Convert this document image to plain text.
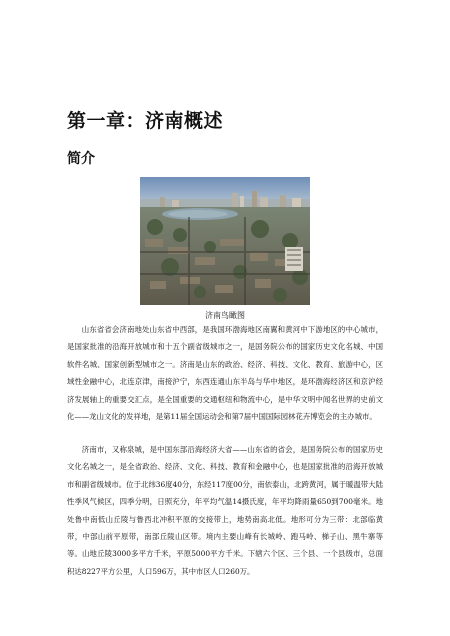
第一章：济南概述
简介

济南鸟瞰图

山东省省会济南地处山东省中西部，是我国环渤海地区南翼和黄河中下游地区的中心城市，是国家批准的沿海开放城市和十五个副省级城市之一，是国务院公布的国家历史文化名城、中国软件名城、国家创新型城市之一。济南是山东的政治、经济、科技、文化、教育、旅游中心，区域性金融中心，北连京津，南接沪宁，东西连通山东半岛与华中地区，是环渤海经济区和京沪经济发展轴上的重要交汇点，是全国重要的交通枢纽和物流中心，是中华文明中闻名世界的史前文化——龙山文化的发祥地，是第11届全国运动会和第7届中国国际园林花卉博览会的主办城市。

济南市，又称泉城，是中国东部沿海经济大省——山东省的省会，是国务院公布的国家历史文化名城之一，是全省政治、经济、文化、科技、教育和金融中心，也是国家批准的沿海开放城市和副省级城市。位于北纬36度40分，东经117度00分，南依泰山，北跨黄河，属于暖温带大陆性季风气候区，四季分明，日照充分，年平均气温14摄氏度，年平均降雨量650到700毫米。地处鲁中南低山丘陵与鲁西北冲积平原的交接带上，地势南高北低。地形可分为三带：北部临黄带，中部山前平原带，南部丘陵山区带。境内主要山峰有长城岭、跑马岭、梯子山、黑牛寨等等。山地丘陵3000多平方千米，平原5000平方千米。下辖六个区、三个县、一个县级市，总面积达8227平方公里，人口596万，其中市区人口260万。
